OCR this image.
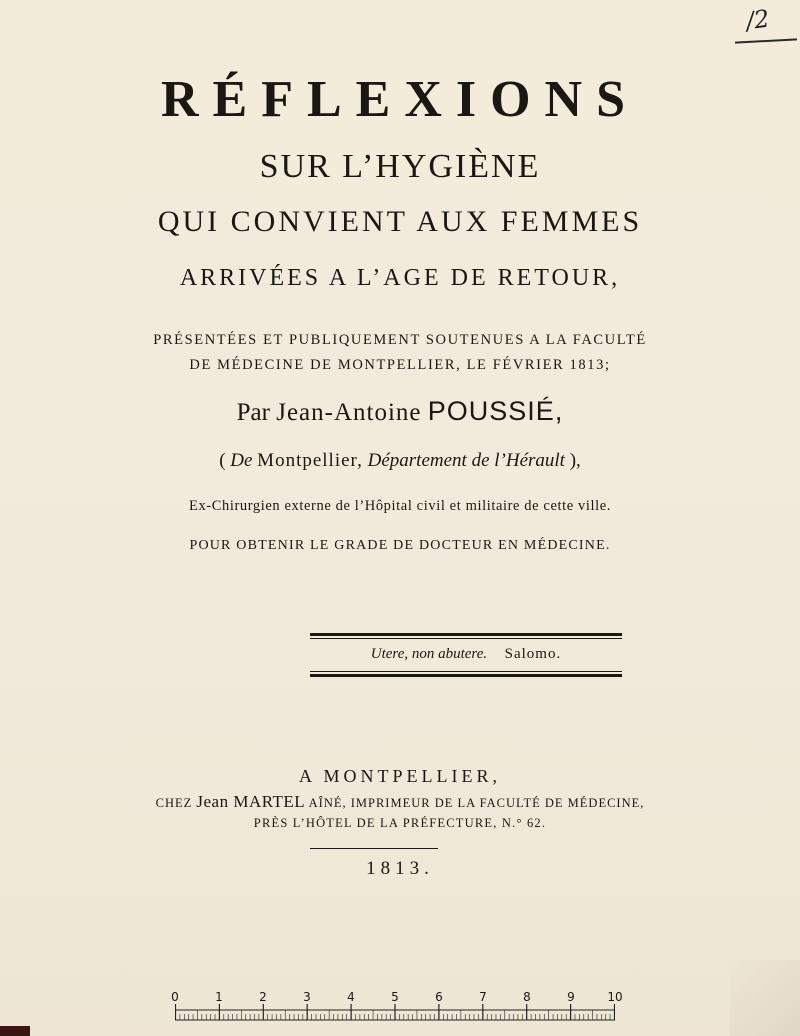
/2
RÉFLEXIONS
SUR L’HYGIÈNE
QUI CONVIENT AUX FEMMES
ARRIVÉES A L’AGE DE RETOUR,
PRÉSENTÉES ET PUBLIQUEMENT SOUTENUES A LA FACULTÉ
DE MÉDECINE DE MONTPELLIER, LE FÉVRIER 1813;
Par Jean-Antoine POUSSIÉ,
( De Montpellier, Département de l’Hérault ),
Ex-Chirurgien externe de l’Hôpital civil et militaire de cette ville.
POUR OBTENIR LE GRADE DE DOCTEUR EN MÉDECINE.
Utere, non abutere. Salomo.
A MONTPELLIER,
CHEZ Jean MARTEL AÎNÉ, IMPRIMEUR DE LA FACULTÉ DE MÉDECINE,
PRÈS L’HÔTEL DE LA PRÉFECTURE, N.° 62.
1813.
0	1	2	3	4	5	6	7	8	9	10
